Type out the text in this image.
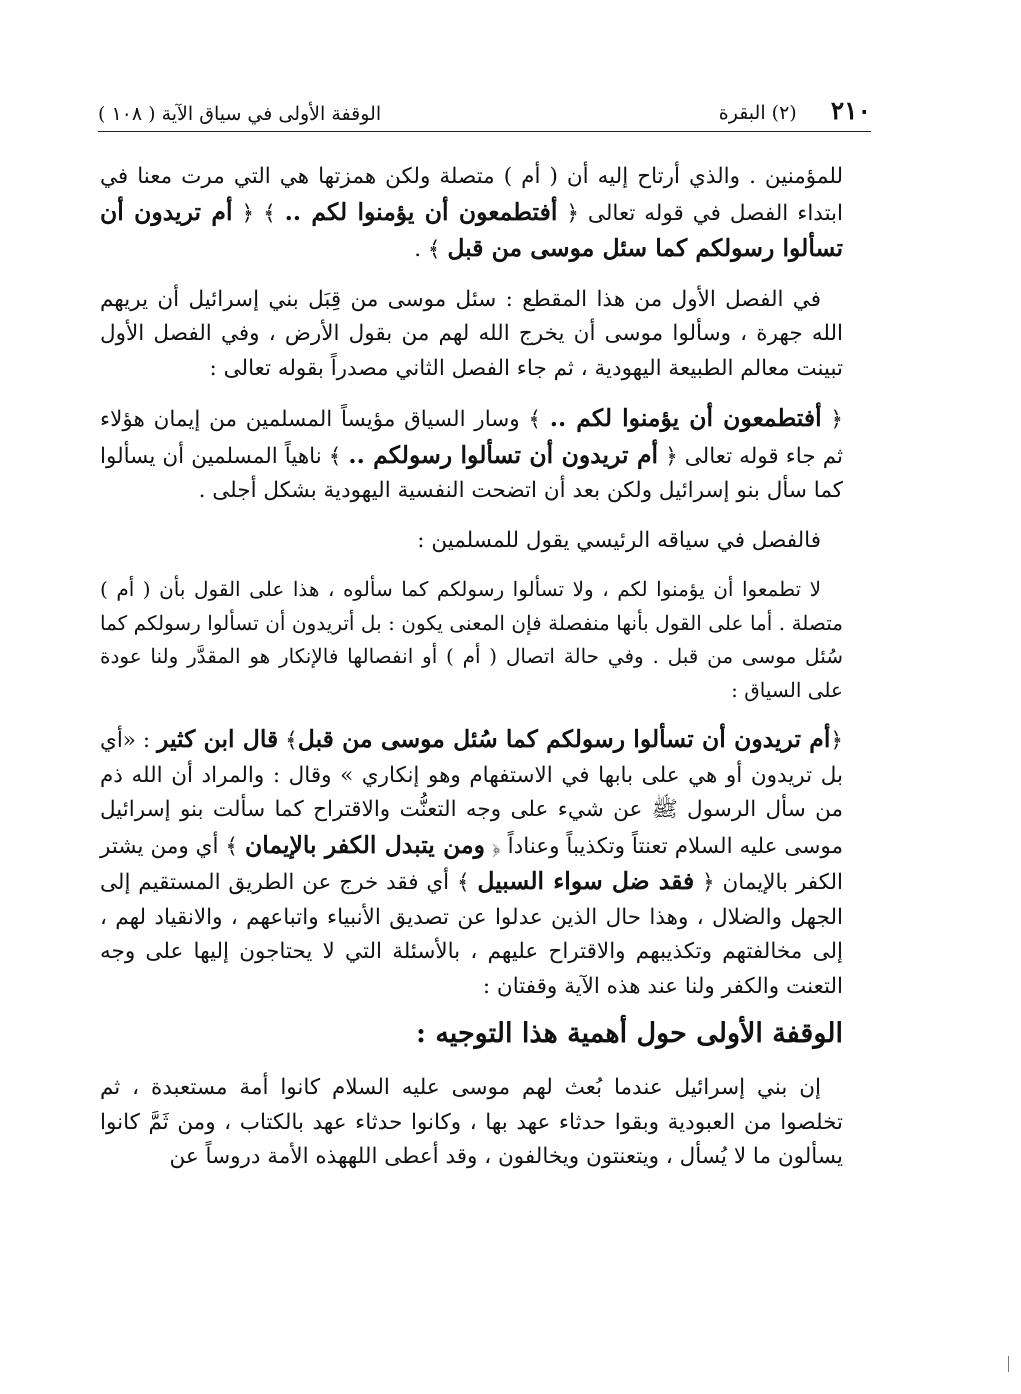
٢١٠
(٢) البقرة
الوقفة الأولى في سياق الآية ( ١٠٨ )

للمؤمنين . والذي أرتاح إليه أن ( أم ) متصلة ولكن همزتها هي التي مرت معنا في ابتداء الفصل في قوله تعالى ﴿ أفتطمعون أن يؤمنوا لكم .. ﴾ ﴿ أم تريدون أن تسألوا رسولكم كما سئل موسى من قبل ﴾ .

في الفصل الأول من هذا المقطع : سئل موسى من قِبَل بني إسرائيل أن يريهم الله جهرة ، وسألوا موسى أن يخرج الله لهم من بقول الأرض ، وفي الفصل الأول تبينت معالم الطبيعة اليهودية ، ثم جاء الفصل الثاني مصدراً بقوله تعالى :

﴿ أفتطمعون أن يؤمنوا لكم .. ﴾ وسار السياق مؤيساً المسلمين من إيمان هؤلاء ثم جاء قوله تعالى ﴿ أم تريدون أن تسألوا رسولكم .. ﴾ ناهياً المسلمين أن يسألوا كما سأل بنو إسرائيل ولكن بعد أن اتضحت النفسية اليهودية بشكل أجلى .

فالفصل في سياقه الرئيسي يقول للمسلمين :

لا تطمعوا أن يؤمنوا لكم ، ولا تسألوا رسولكم كما سألوه ، هذا على القول بأن ( أم ) متصلة . أما على القول بأنها منفصلة فإن المعنى يكون : بل أتريدون أن تسألوا رسولكم كما سُئل موسى من قبل . وفي حالة اتصال ( أم ) أو انفصالها فالإنكار هو المقدَّر ولنا عودة على السياق :

﴿أم تريدون أن تسألوا رسولكم كما سُئل موسى من قبل﴾ قال ابن كثير : «أي بل تريدون أو هي على بابها في الاستفهام وهو إنكاري » وقال : والمراد أن الله ذم من سأل الرسول ﷺ عن شيء على وجه التعنُّت والاقتراح كما سألت بنو إسرائيل موسى عليه السلام تعنتاً وتكذيباً وعناداً ﴿ ومن يتبدل الكفر بالإيمان ﴾ أي ومن يشتر الكفر بالإيمان ﴿ فقد ضل سواء السبيل ﴾ أي فقد خرج عن الطريق المستقيم إلى الجهل والضلال ، وهذا حال الذين عدلوا عن تصديق الأنبياء واتباعهم ، والانقياد لهم ، إلى مخالفتهم وتكذيبهم والاقتراح عليهم ، بالأسئلة التي لا يحتاجون إليها على وجه التعنت والكفر ولنا عند هذه الآية وقفتان :

الوقفة الأولى حول أهمية هذا التوجيه :

إن بني إسرائيل عندما بُعث لهم موسى عليه السلام كانوا أمة مستعبدة ، ثم تخلصوا من العبودية وبقوا حدثاء عهد بها ، وكانوا حدثاء عهد بالكتاب ، ومن ثَمَّ كانوا يسألون ما لا يُسأل ، ويتعنتون ويخالفون ، وقد أعطى اللههذه الأمة دروساً عن
